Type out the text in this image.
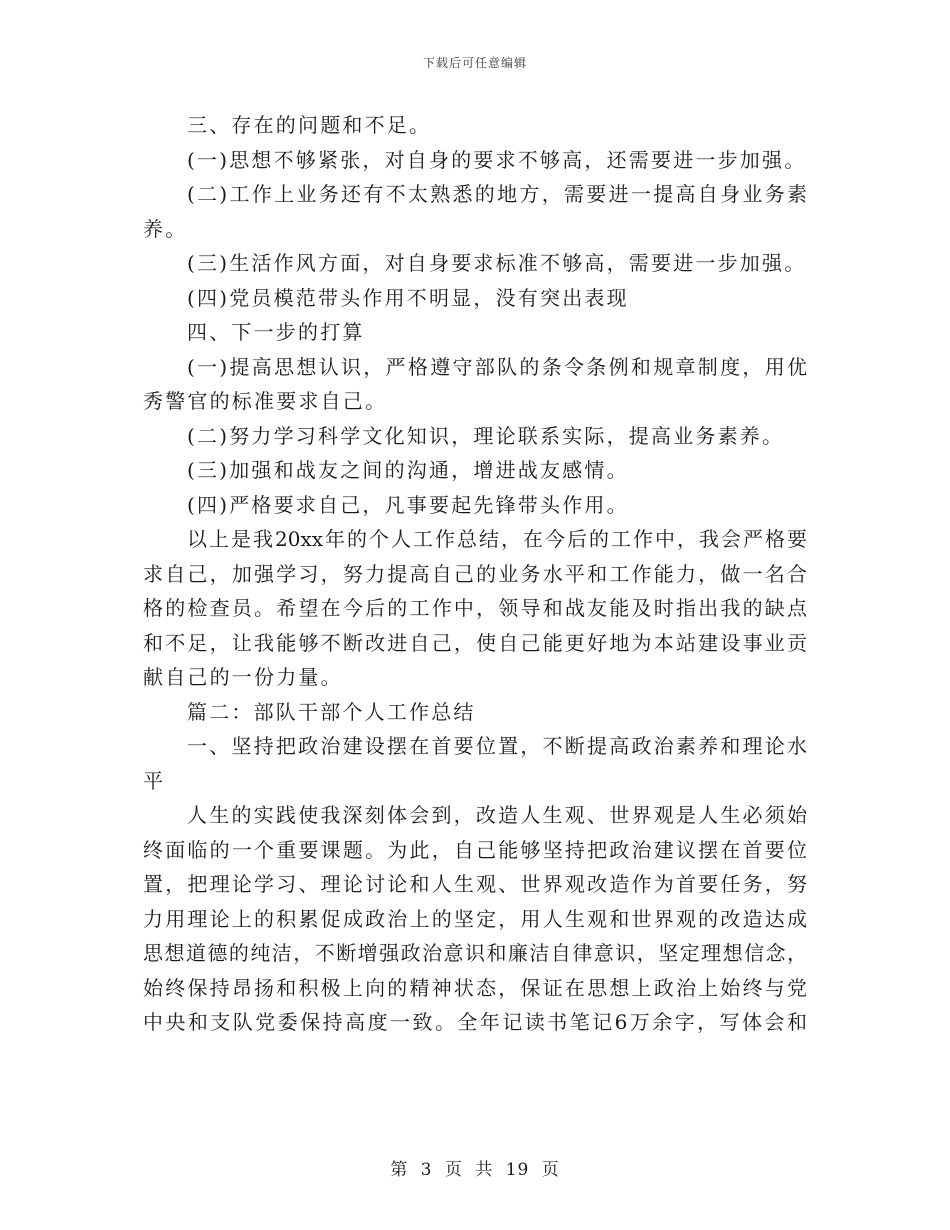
下载后可任意编辑
三、存在的问题和不足。
(一)思想不够紧张，对自身的要求不够高，还需要进一步加强。
(二)工作上业务还有不太熟悉的地方，需要进一提高自身业务素
养。
(三)生活作风方面，对自身要求标准不够高，需要进一步加强。
(四)党员模范带头作用不明显，没有突出表现
四、下一步的打算
(一)提高思想认识，严格遵守部队的条令条例和规章制度，用优
秀警官的标准要求自己。
(二)努力学习科学文化知识，理论联系实际，提高业务素养。
(三)加强和战友之间的沟通，增进战友感情。
(四)严格要求自己，凡事要起先锋带头作用。
以上是我20xx年的个人工作总结，在今后的工作中，我会严格要
求自己，加强学习，努力提高自己的业务水平和工作能力，做一名合
格的检查员。希望在今后的工作中，领导和战友能及时指出我的缺点
和不足，让我能够不断改进自己，使自己能更好地为本站建设事业贡
献自己的一份力量。
篇二：部队干部个人工作总结
一、坚持把政治建设摆在首要位置，不断提高政治素养和理论水
平
人生的实践使我深刻体会到，改造人生观、世界观是人生必须始
终面临的一个重要课题。为此，自己能够坚持把政治建议摆在首要位
置，把理论学习、理论讨论和人生观、世界观改造作为首要任务，努
力用理论上的积累促成政治上的坚定，用人生观和世界观的改造达成
思想道德的纯洁，不断增强政治意识和廉洁自律意识，坚定理想信念，
始终保持昂扬和积极上向的精神状态，保证在思想上政治上始终与党
中央和支队党委保持高度一致。全年记读书笔记6万余字，写体会和
第 3 页 共 19 页
